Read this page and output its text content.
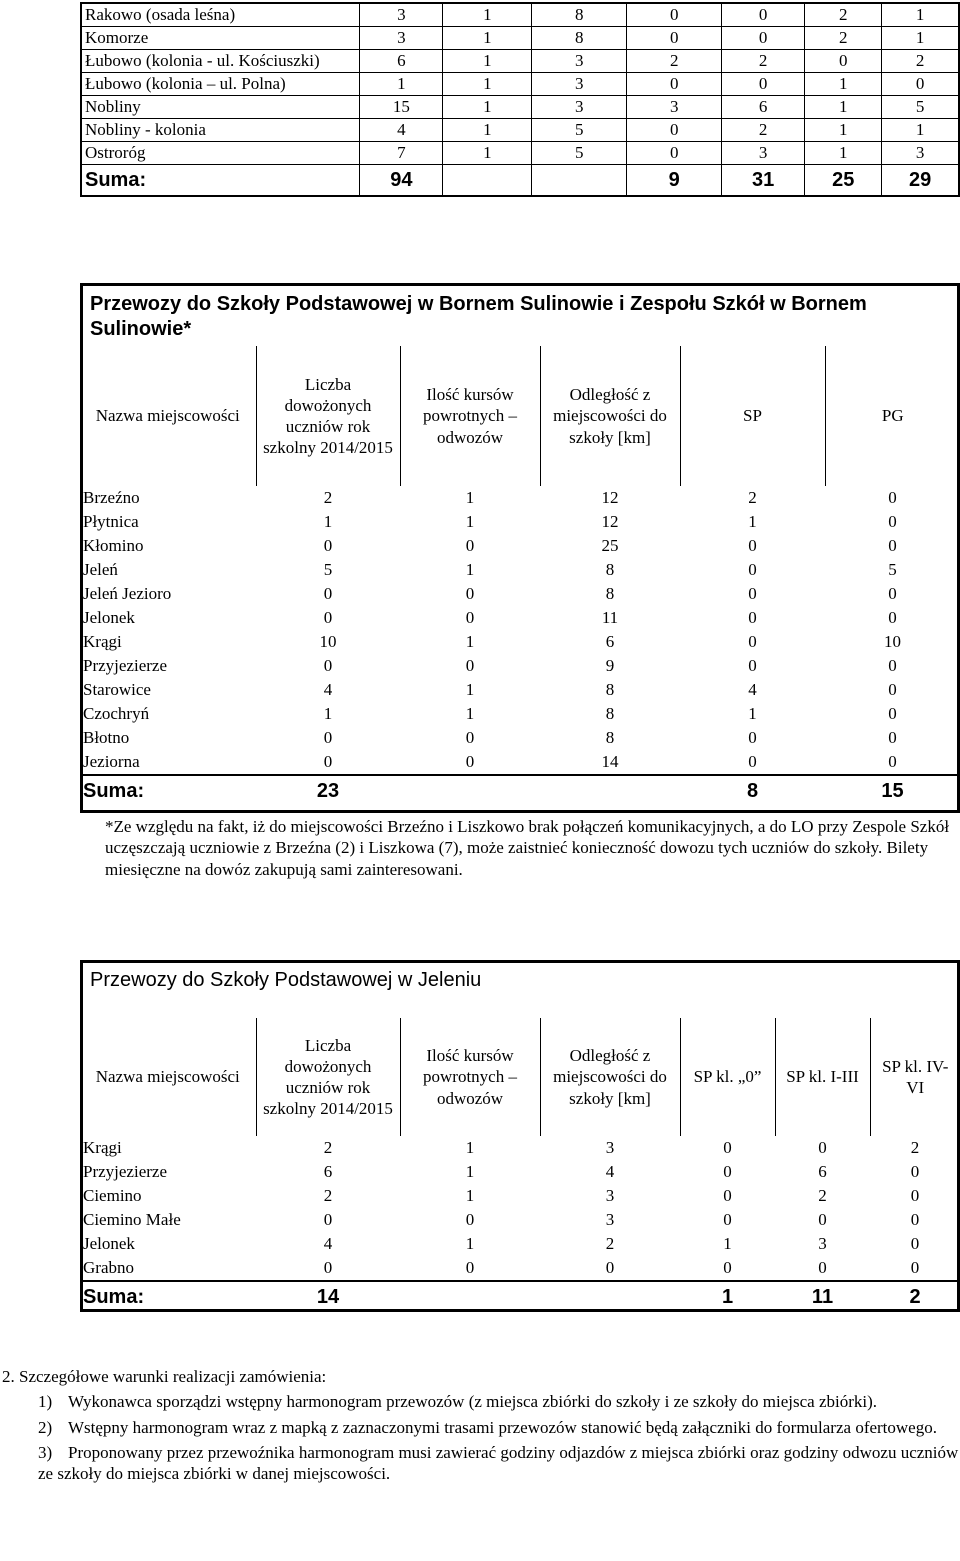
Rakowo (osada leśna)	3	1	8	0	0	2	1
Komorze	3	1	8	0	0	2	1
Łubowo (kolonia - ul. Kościuszki)	6	1	3	2	2	0	2
Łubowo (kolonia – ul. Polna)	1	1	3	0	0	1	0
Nobliny	15	1	3	3	6	1	5
Nobliny - kolonia	4	1	5	0	2	1	1
Ostroróg	7	1	5	0	3	1	3
Suma:	94			9	31	25	29
Przewozy do Szkoły Podstawowej w Bornem Sulinowie i Zespołu Szkół w Bornem Sulinowie*
Nazwa miejscowości	Liczba dowożonych uczniów rok szkolny 2014/2015	Ilość kursów powrotnych – odwozów	Odległość z miejscowości do szkoły [km]	SP	PG
Brzeźno	2	1	12	2	0
Płytnica	1	1	12	1	0
Kłomino	0	0	25	0	0
Jeleń	5	1	8	0	5
Jeleń Jezioro	0	0	8	0	0
Jelonek	0	0	11	0	0
Krągi	10	1	6	0	10
Przyjezierze	0	0	9	0	0
Starowice	4	1	8	4	0
Czochryń	1	1	8	1	0
Błotno	0	0	8	0	0
Jeziorna	0	0	14	0	0
Suma:	23			8	15
*Ze względu na fakt, iż do miejscowości Brzeźno i Liszkowo brak połączeń komunikacyjnych, a do LO przy Zespole Szkół uczęszczają uczniowie z Brzeźna (2) i Liszkowa (7), może zaistnieć konieczność dowozu tych uczniów do szkoły. Bilety miesięczne na dowóz zakupują sami zainteresowani.
Przewozy do Szkoły Podstawowej w Jeleniu
Nazwa miejscowości	Liczba dowożonych uczniów rok szkolny 2014/2015	Ilość kursów powrotnych – odwozów	Odległość z miejscowości do szkoły [km]	SP kl. „0”	SP kl. I-III	SP kl. IV-VI
Krągi	2	1	3	0	0	2
Przyjezierze	6	1	4	0	6	0
Ciemino	2	1	3	0	2	0
Ciemino Małe	0	0	3	0	0	0
Jelonek	4	1	2	1	3	0
Grabno	0	0	0	0	0	0
Suma:	14			1	11	2
2. Szczegółowe warunki realizacji zamówienia:
1) Wykonawca sporządzi wstępny harmonogram przewozów (z miejsca zbiórki do szkoły i ze szkoły do miejsca zbiórki).
2) Wstępny harmonogram wraz z mapką z zaznaczonymi trasami przewozów stanowić będą załączniki do formularza ofertowego.
3) Proponowany przez przewoźnika harmonogram musi zawierać godziny odjazdów z miejsca zbiórki oraz godziny odwozu uczniów ze szkoły do miejsca zbiórki w danej miejscowości.
